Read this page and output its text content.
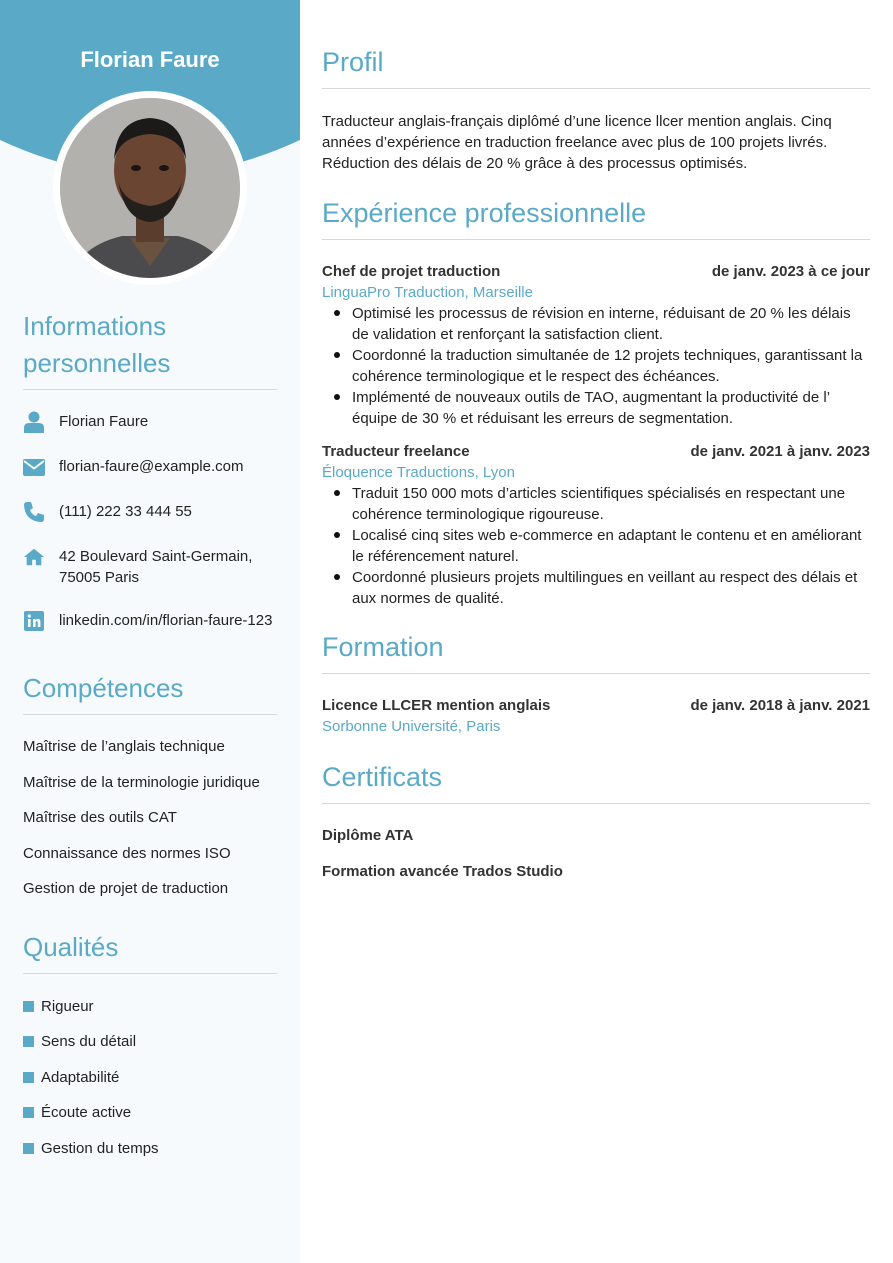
Florian Faure
Informations personnelles
Florian Faure
florian-faure@example.com
(111) 222 33 444 55
42 Boulevard Saint-Germain, 75005 Paris
linkedin.com/in/florian-faure-123
Compétences
Maîtrise de l’anglais technique
Maîtrise de la terminologie juridique
Maîtrise des outils CAT
Connaissance des normes ISO
Gestion de projet de traduction
Qualités
Rigueur
Sens du détail
Adaptabilité
Écoute active
Gestion du temps
Profil

Traducteur anglais-français diplômé d’une licence llcer mention anglais. Cinq années d’expérience en traduction freelance avec plus de 100 projets livrés. Réduction des délais de 20 % grâce à des processus optimisés.

Expérience professionnelle
Chef de projet traduction	de janv. 2023 à ce jour
LinguaPro Traduction, Marseille
Optimisé les processus de révision en interne, réduisant de 20 % les délais de validation et renforçant la satisfaction client.
Coordonné la traduction simultanée de 12 projets techniques, garantissant la cohérence terminologique et le respect des échéances.
Implémenté de nouveaux outils de TAO, augmentant la productivité de l’ équipe de 30 % et réduisant les erreurs de segmentation.
Traducteur freelance	de janv. 2021 à janv. 2023
Éloquence Traductions, Lyon
Traduit 150 000 mots d’articles scientifiques spécialisés en respectant une cohérence terminologique rigoureuse.
Localisé cinq sites web e-commerce en adaptant le contenu et en améliorant le référencement naturel.
Coordonné plusieurs projets multilingues en veillant au respect des délais et aux normes de qualité.
Formation
Licence LLCER mention anglais	de janv. 2018 à janv. 2021
Sorbonne Université, Paris
Certificats
Diplôme ATA
Formation avancée Trados Studio
